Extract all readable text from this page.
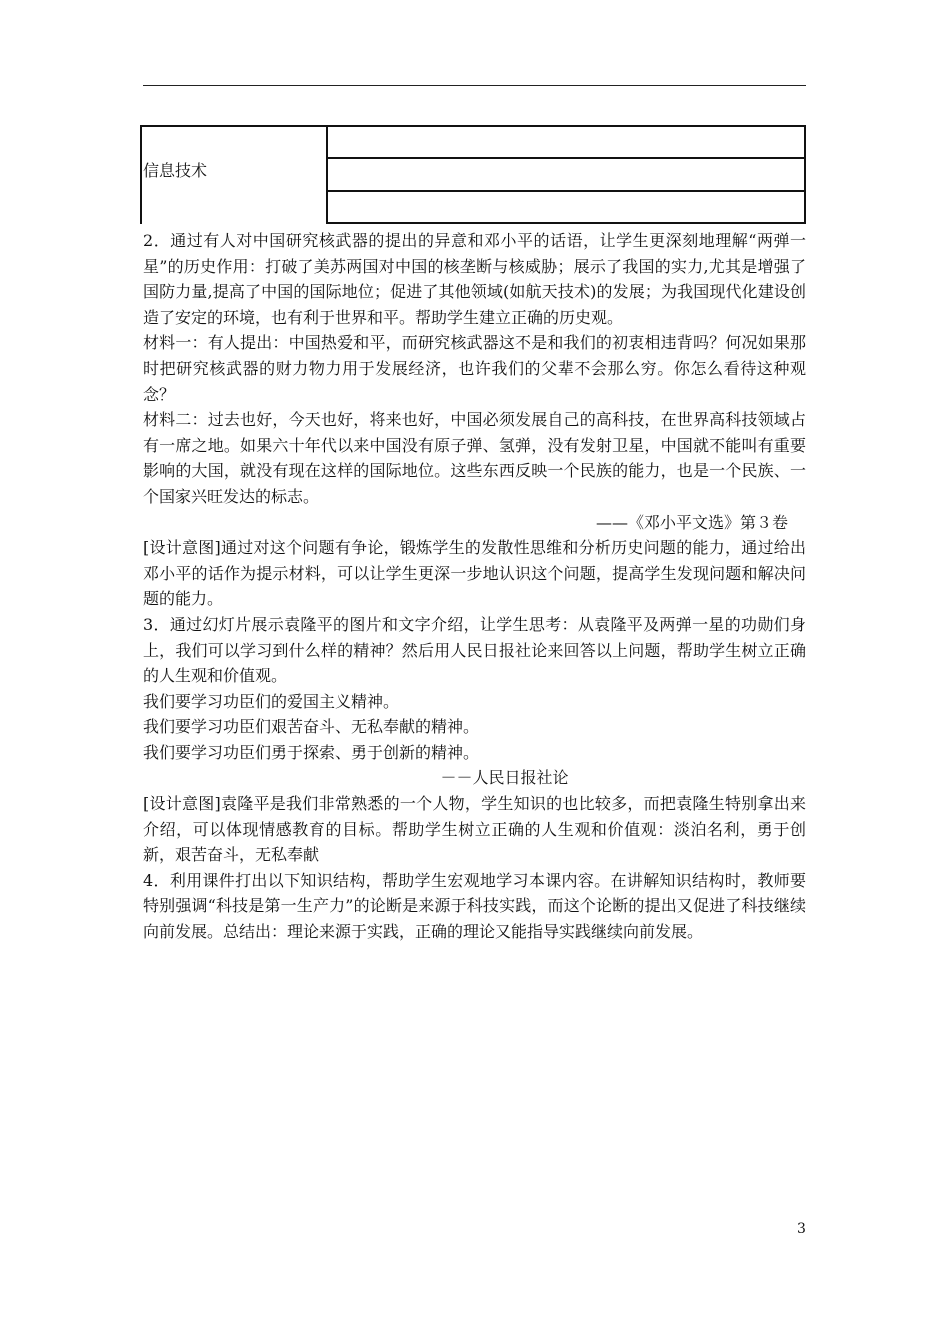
信息技术

2．通过有人对中国研究核武器的提出的异意和邓小平的话语，让学生更深刻地理解“两弹一星”的历史作用：打破了美苏两国对中国的核垄断与核威胁；展示了我国的实力,尤其是增强了国防力量,提高了中国的国际地位；促进了其他领域(如航天技术)的发展；为我国现代化建设创造了安定的环境，也有利于世界和平。帮助学生建立正确的历史观。

材料一：有人提出：中国热爱和平，而研究核武器这不是和我们的初衷相违背吗？何况如果那时把研究核武器的财力物力用于发展经济，也许我们的父辈不会那么穷。你怎么看待这种观念？

材料二：过去也好，今天也好，将来也好，中国必须发展自己的高科技，在世界高科技领域占有一席之地。如果六十年代以来中国没有原子弹、氢弹，没有发射卫星，中国就不能叫有重要影响的大国，就没有现在这样的国际地位。这些东西反映一个民族的能力，也是一个民族、一个国家兴旺发达的标志。

——《邓小平文选》第３卷

[设计意图]通过对这个问题有争论，锻炼学生的发散性思维和分析历史问题的能力，通过给出邓小平的话作为提示材料，可以让学生更深一步地认识这个问题，提高学生发现问题和解决问题的能力。

3．通过幻灯片展示袁隆平的图片和文字介绍，让学生思考：从袁隆平及两弹一星的功勋们身上，我们可以学习到什么样的精神？然后用人民日报社论来回答以上问题，帮助学生树立正确的人生观和价值观。

我们要学习功臣们的爱国主义精神。

我们要学习功臣们艰苦奋斗、无私奉献的精神。

我们要学习功臣们勇于探索、勇于创新的精神。

－－人民日报社论

[设计意图]袁隆平是我们非常熟悉的一个人物，学生知识的也比较多，而把袁隆生特别拿出来介绍，可以体现情感教育的目标。帮助学生树立正确的人生观和价值观：淡泊名利，勇于创新，艰苦奋斗，无私奉献

4．利用课件打出以下知识结构，帮助学生宏观地学习本课内容。在讲解知识结构时，教师要特别强调“科技是第一生产力”的论断是来源于科技实践，而这个论断的提出又促进了科技继续向前发展。总结出：理论来源于实践，正确的理论又能指导实践继续向前发展。

3
